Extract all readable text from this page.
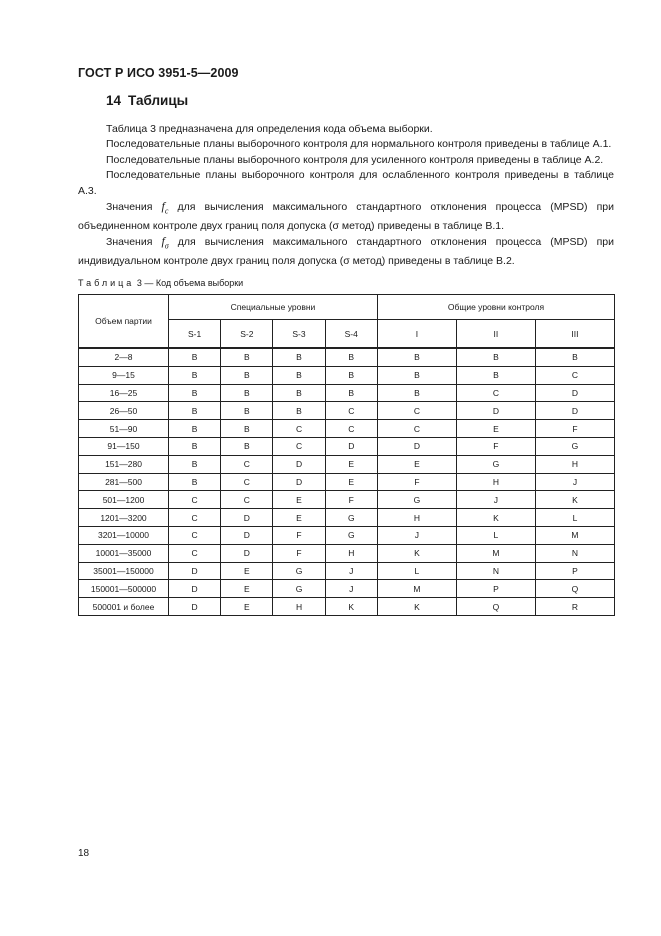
ГОСТ Р ИСО 3951-5—2009
14 Таблицы

Таблица 3 предназначена для определения кода объема выборки.

Последовательные планы выборочного контроля для нормального контроля приведены в таблице А.1.

Последовательные планы выборочного контроля для усиленного контроля приведены в таблице А.2.

Последовательные планы выборочного контроля для ослабленного контроля приведены в таблице А.3.

Значения $f_c$ для вычисления максимального стандартного отклонения процесса (MPSD) при объединенном контроле двух границ поля допуска (σ метод) приведены в таблице В.1.

Значения $f_\sigma$ для вычисления максимального стандартного отклонения процесса (MPSD) при индивидуальном контроле двух границ поля допуска (σ метод) приведены в таблице В.2.

Таблица 3 — Код объема выборки
Объем партии	Специальные уровни				Общие уровни контроля		
	S-1	S-2	S-3	S-4	I	II	III
2—8	B	B	B	B	B	B	B
9—15	B	B	B	B	B	B	C
16—25	B	B	B	B	B	C	D
26—50	B	B	B	C	C	D	D
51—90	B	B	C	C	C	E	F
91—150	B	B	C	D	D	F	G
151—280	B	C	D	E	E	G	H
281—500	B	C	D	E	F	H	J
501—1200	C	C	E	F	G	J	K
1201—3200	C	D	E	G	H	K	L
3201—10000	C	D	F	G	J	L	M
10001—35000	C	D	F	H	K	M	N
35001—150000	D	E	G	J	L	N	P
150001—500000	D	E	G	J	M	P	Q
500001 и более	D	E	H	K	K	Q	R
18
